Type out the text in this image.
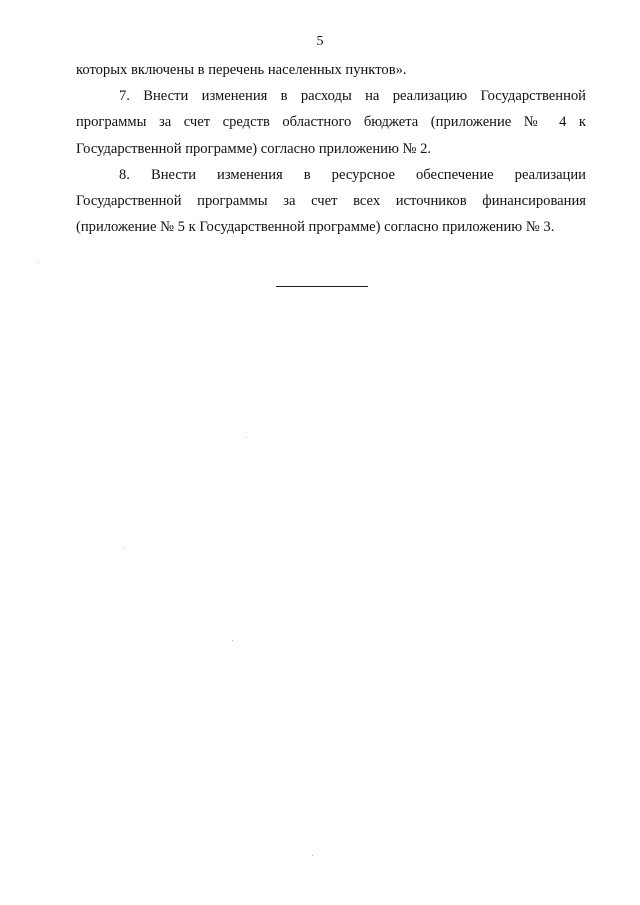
5

которых включены в перечень населенных пунктов».

7. Внести изменения в расходы на реализацию Государственной программы за счет средств областного бюджета (приложение № 4 к Государственной программе) согласно приложению № 2.

8. Внести изменения в ресурсное обеспечение реализации Государственной программы за счет всех источников финансирования (приложение № 5 к Государственной программе) согласно приложению № 3.
